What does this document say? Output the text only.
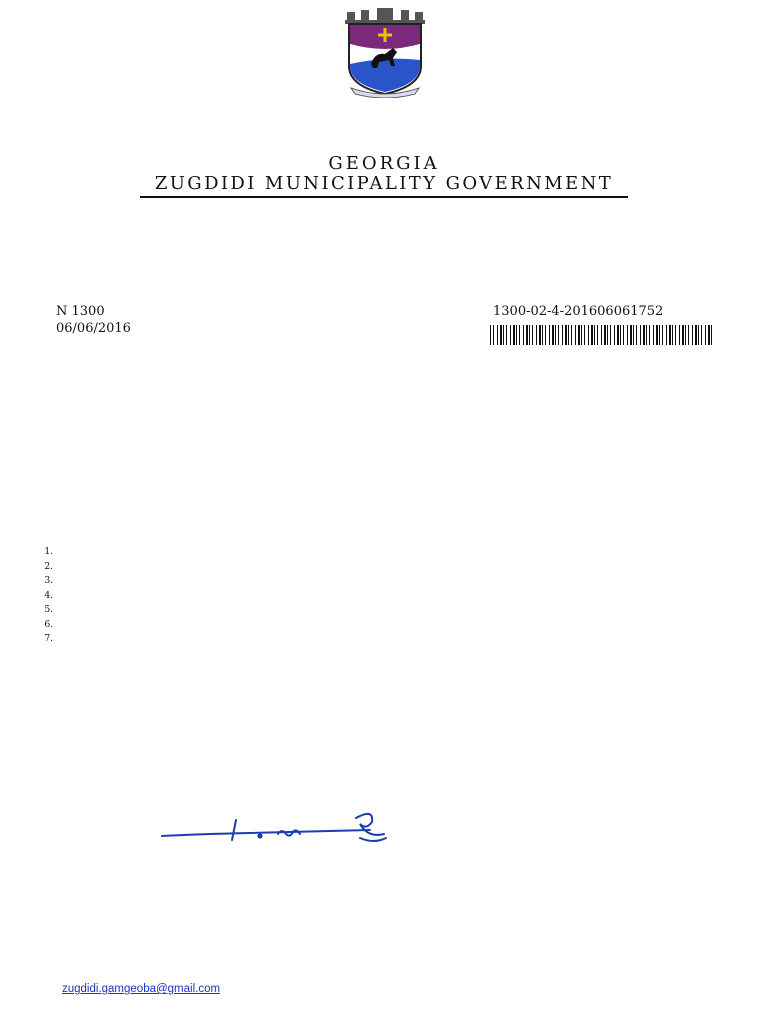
GEORGIA
ZUGDIDI MUNICIPALITY GOVERNMENT
N 1300
06/06/2016
1300-02-4-201606061752
1.
2.
3.
4.
5.
6.
7.
zugdidi.gamgeoba@gmail.com
